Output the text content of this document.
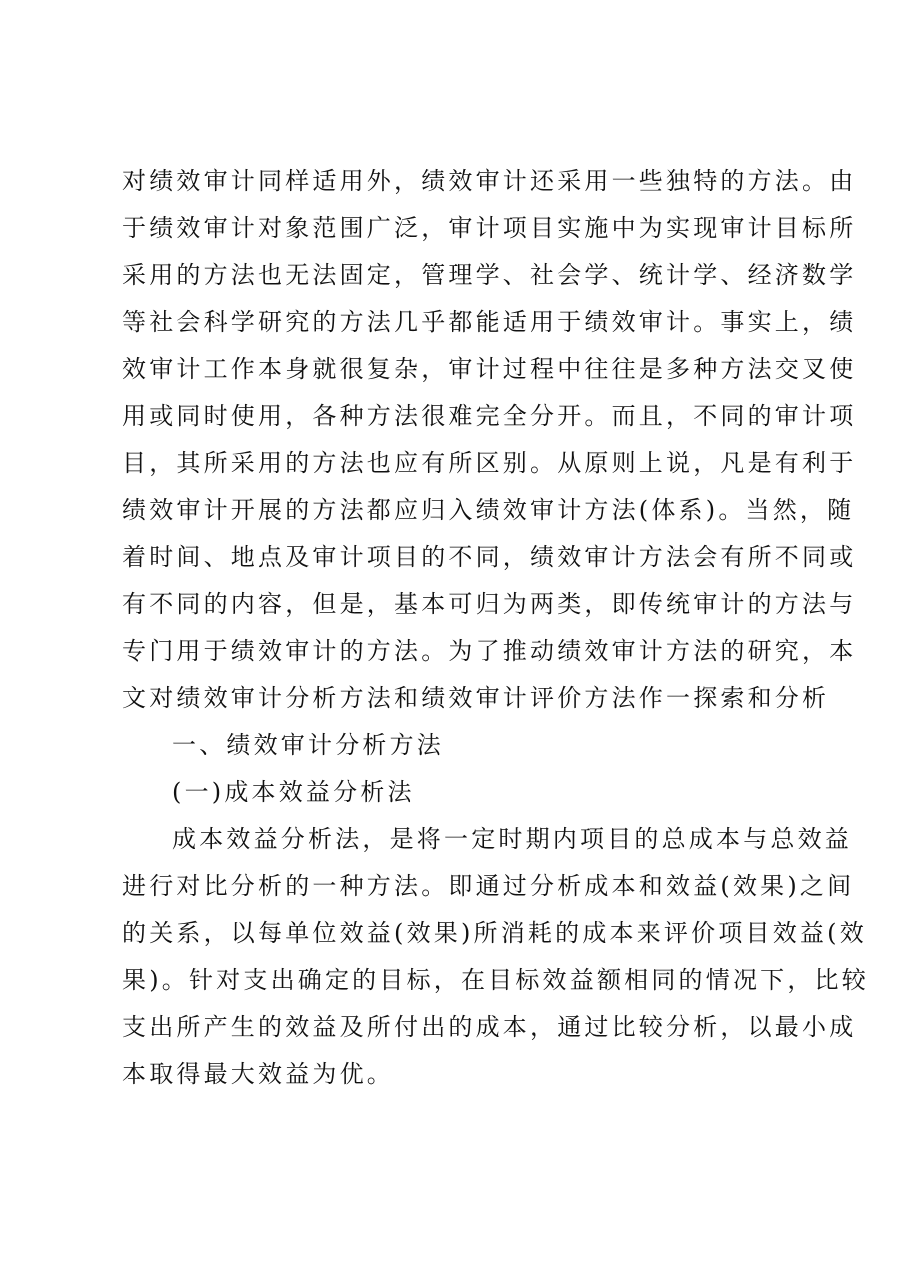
对绩效审计同样适用外，绩效审计还采用一些独特的方法。由
于绩效审计对象范围广泛，审计项目实施中为实现审计目标所
采用的方法也无法固定，管理学、社会学、统计学、经济数学
等社会科学研究的方法几乎都能适用于绩效审计。事实上，绩
效审计工作本身就很复杂，审计过程中往往是多种方法交叉使
用或同时使用，各种方法很难完全分开。而且，不同的审计项
目，其所采用的方法也应有所区别。从原则上说，凡是有利于
绩效审计开展的方法都应归入绩效审计方法(体系)。当然，随
着时间、地点及审计项目的不同，绩效审计方法会有所不同或
有不同的内容，但是，基本可归为两类，即传统审计的方法与
专门用于绩效审计的方法。为了推动绩效审计方法的研究，本
文对绩效审计分析方法和绩效审计评价方法作一探索和分析
一、绩效审计分析方法
(一)成本效益分析法
成本效益分析法，是将一定时期内项目的总成本与总效益
进行对比分析的一种方法。即通过分析成本和效益(效果)之间
的关系，以每单位效益(效果)所消耗的成本来评价项目效益(效
果)。针对支出确定的目标，在目标效益额相同的情况下，比较
支出所产生的效益及所付出的成本，通过比较分析，以最小成
本取得最大效益为优。
